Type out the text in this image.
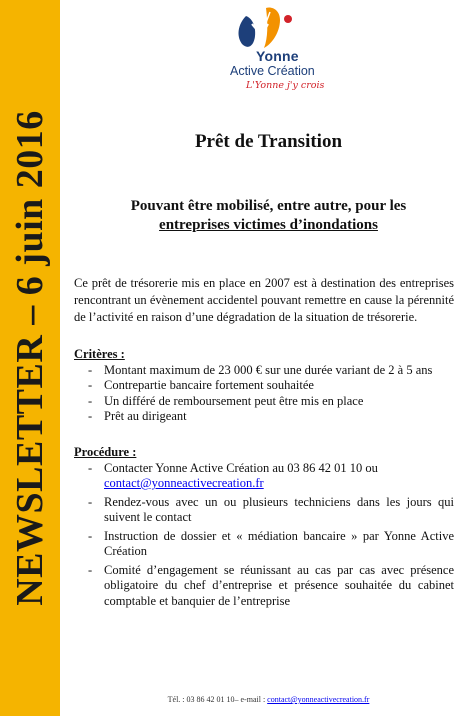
NEWSLETTER – 6 juin 2016
Yonne
Active Création
L'Yonne j'y crois
Prêt de Transition
Pouvant être mobilisé, entre autre, pour les
entreprises victimes d’inondations
Ce prêt de trésorerie mis en place en 2007 est à destination des entreprises rencontrant un évènement accidentel pouvant remettre en cause la pérennité de l’activité en raison d’une dégradation de la situation de trésorerie.
Critères :
- Montant maximum de 23 000 € sur une durée variant de 2 à 5 ans
- Contrepartie bancaire fortement souhaitée
- Un différé de remboursement peut être mis en place
- Prêt au dirigeant
Procédure :
- Contacter Yonne Active Création au 03 86 42 01 10 ou
contact@yonneactivecreation.fr
- Rendez-vous avec un ou plusieurs techniciens dans les jours qui suivent le contact
- Instruction de dossier et « médiation bancaire » par Yonne Active Création
- Comité d’engagement se réunissant au cas par cas avec présence obligatoire du chef d’entreprise et présence souhaitée du cabinet comptable et banquier de l’entreprise
Tél. : 03 86 42 01 10– e-mail : contact@yonneactivecreation.fr
